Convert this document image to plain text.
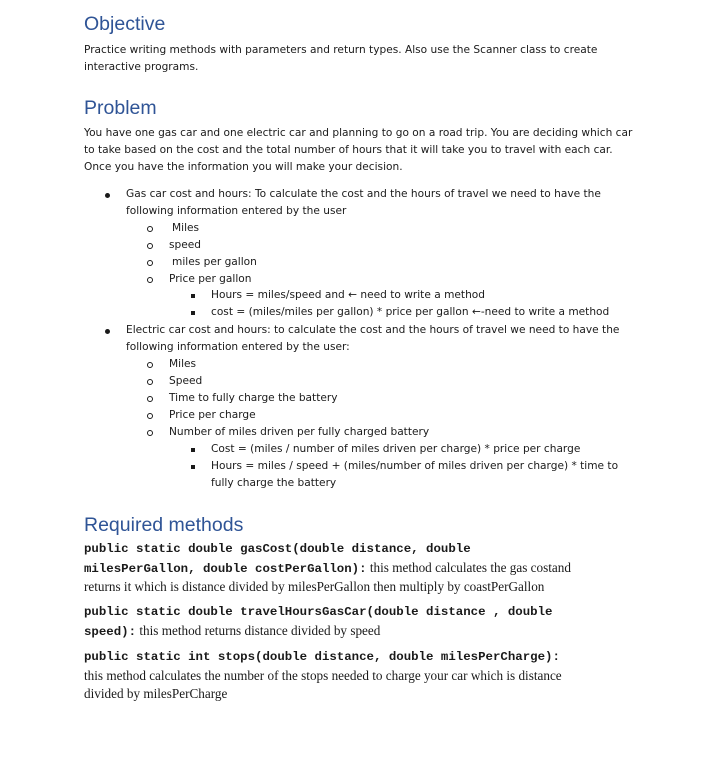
Objective
Practice writing methods with parameters and return types. Also use the Scanner class to create
interactive programs.
Problem
You have one gas car and one electric car and planning to go on a road trip. You are deciding which car
to take based on the cost and the total number of hours that it will take you to travel with each car.
Once you have the information you will make your decision.
Gas car cost and hours: To calculate the cost and the hours of travel we need to have the
following information entered by the user
Miles
speed
miles per gallon
Price per gallon
Hours = miles/speed and ← need to write a method
cost = (miles/miles per gallon) * price per gallon ←-need to write a method
Electric car cost and hours: to calculate the cost and the hours of travel we need to have the
following information entered by the user:
Miles
Speed
Time to fully charge the battery
Price per charge
Number of miles driven per fully charged battery
Cost = (miles / number of miles driven per charge) * price per charge
Hours = miles / speed + (miles/number of miles driven per charge) * time to
fully charge the battery
Required methods
public static double gasCost(double distance, double
milesPerGallon, double costPerGallon): this method calculates the gas costand
returns it which is distance divided by milesPerGallon then multiply by coastPerGallon
public static double travelHoursGasCar(double distance , double
speed): this method returns distance divided by speed
public static int stops(double distance, double milesPerCharge):
this method calculates the number of the stops needed to charge your car which is distance
divided by milesPerCharge
